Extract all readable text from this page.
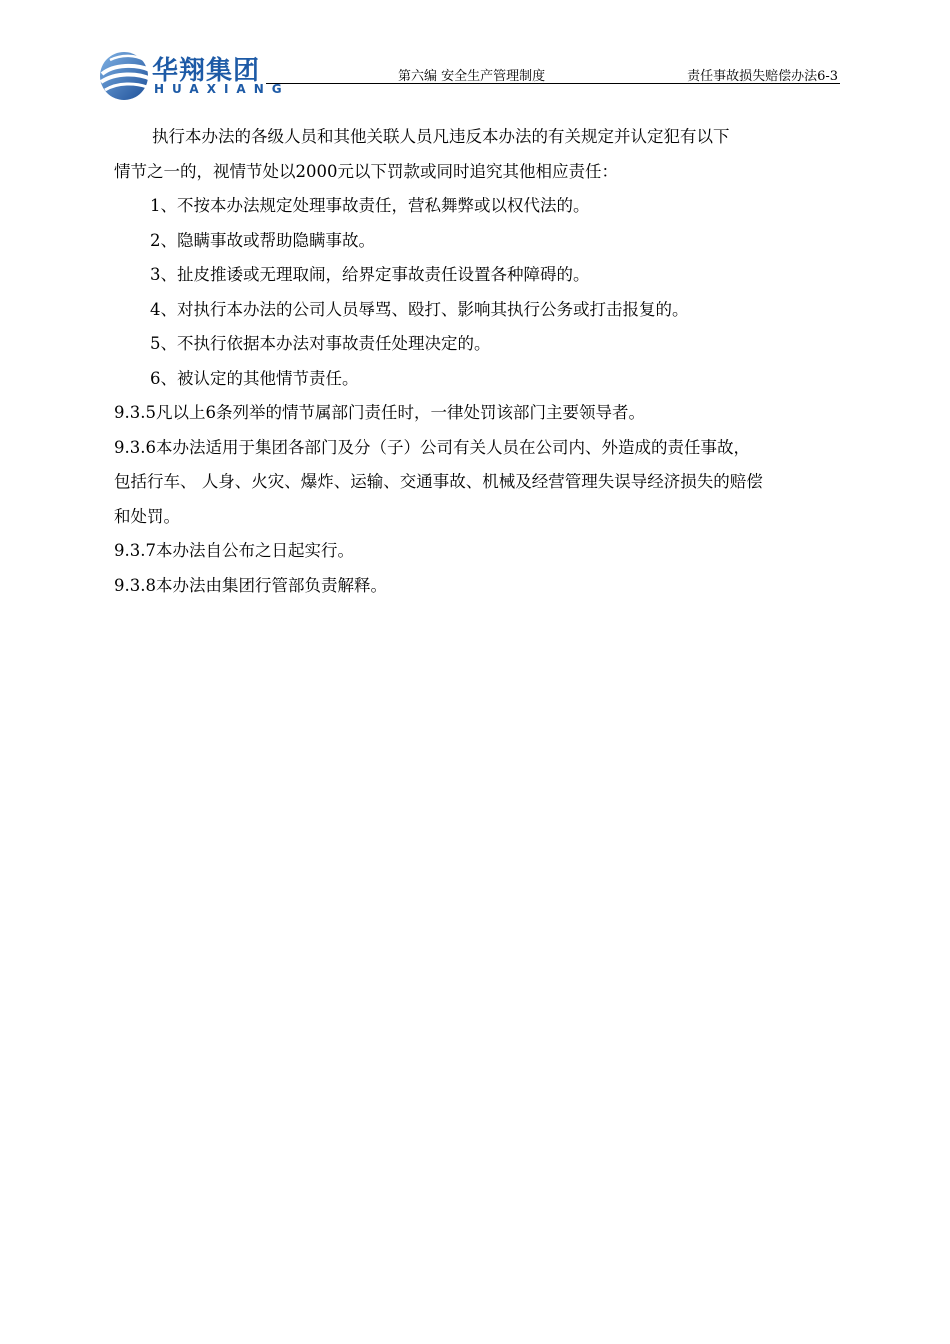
华翔集团
HUAXIANG
第六编 安全生产管理制度	责任事故损失赔偿办法6-3

执行本办法的各级人员和其他关联人员凡违反本办法的有关规定并认定犯有以下

情节之一的，视情节处以2000元以下罚款或同时追究其他相应责任：

1、不按本办法规定处理事故责任，营私舞弊或以权代法的。

2、隐瞒事故或帮助隐瞒事故。

3、扯皮推诿或无理取闹，给界定事故责任设置各种障碍的。

4、对执行本办法的公司人员辱骂、殴打、影响其执行公务或打击报复的。

5、不执行依据本办法对事故责任处理决定的。

6、被认定的其他情节责任。

9.3.5凡以上6条列举的情节属部门责任时，一律处罚该部门主要领导者。

9.3.6本办法适用于集团各部门及分（子）公司有关人员在公司内、外造成的责任事故，

包括行车、 人身、火灾、爆炸、运输、交通事故、机械及经营管理失误导经济损失的赔偿

和处罚。

9.3.7本办法自公布之日起实行。

9.3.8本办法由集团行管部负责解释。
